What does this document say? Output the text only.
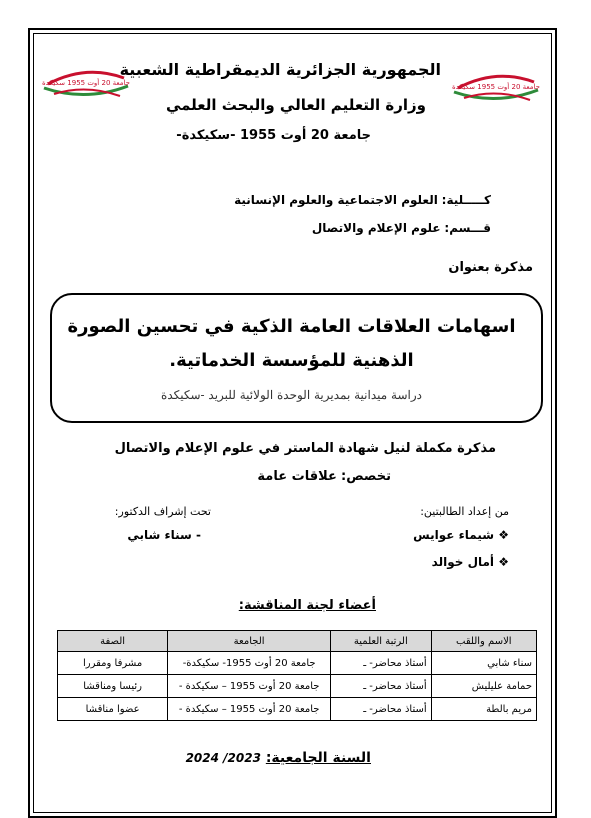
جامعة 20 أوت 1955 سكيكدة	جامعة 20 أوت 1955 سكيكدة
الجمهورية الجزائرية الديمقراطية الشعبية
وزارة التعليم العالي والبحث العلمي
جامعة 20 أوت 1955 -سكيكدة-
كـــــلية: العلوم الاجتماعية والعلوم الإنسانية
قـــسم: علوم الإعلام والاتصال
مذكرة بعنوان
اسهامات العلاقات العامة الذكية في تحسين الصورة
الذهنية للمؤسسة الخدماتية.
دراسة ميدانية بمديرية الوحدة الولائية للبريد -سكيكدة
مذكرة مكملة لنيل شهادة الماستر في علوم الإعلام والاتصال
تخصص: علاقات عامة
من إعداد الطالبتين:
تحت إشراف الدكتور:
❖ شيماء عوايس
❖ أمال خوالد
- سناء شابي
أعضاء لجنة المناقشة:
الاسم واللقب	الرتبة العلمية	الجامعة	الصفة
سناء شابي	أستاذ محاضر- ـ	جامعة 20 أوت 1955- سكيكدة-	مشرفا ومقررا
حمامة عليليش	أستاذ محاضر- ـ	جامعة 20 أوت 1955 – سكيكدة -	رئيسا ومناقشا
مريم بالطة	أستاذ محاضر- ـ	جامعة 20 أوت 1955 – سكيكدة -	عضوا مناقشا
السنة الجامعية: 2023/ 2024
